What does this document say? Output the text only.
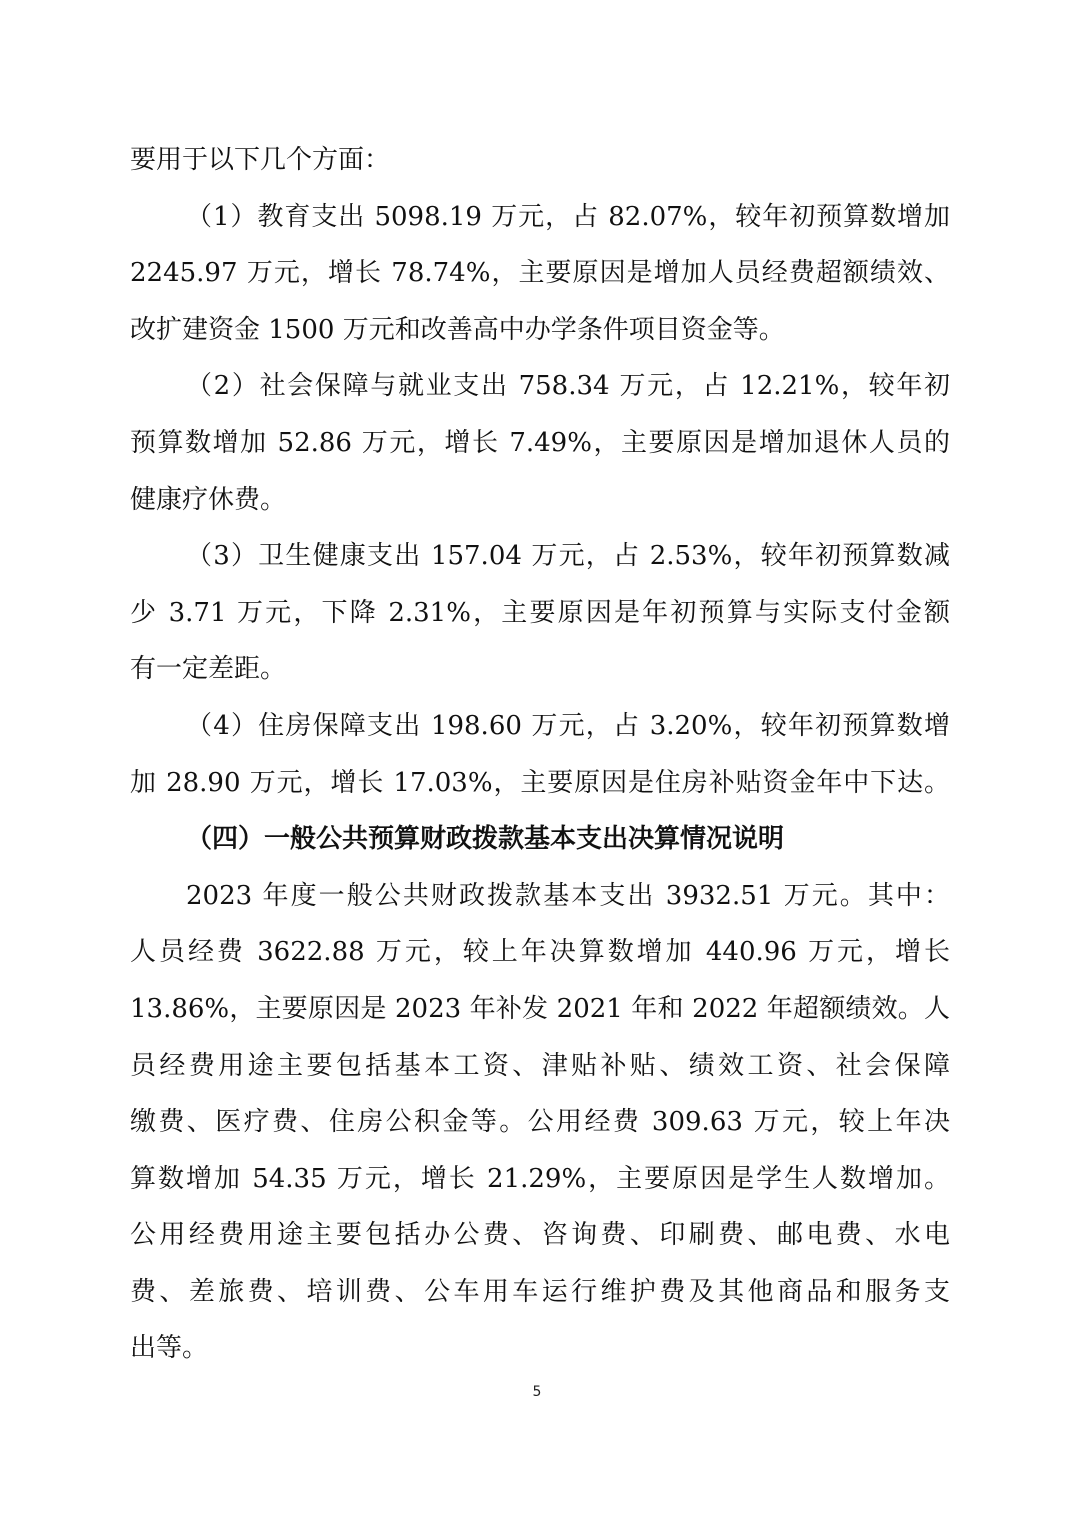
要用于以下几个方面：
（1）教育支出 5098.19 万元，占 82.07%，较年初预算数增加
2245.97 万元，增长 78.74%，主要原因是增加人员经费超额绩效、
改扩建资金 1500 万元和改善高中办学条件项目资金等。
（2）社会保障与就业支出 758.34 万元，占 12.21%，较年初
预算数增加 52.86 万元，增长 7.49%，主要原因是增加退休人员的
健康疗休费。
（3）卫生健康支出 157.04 万元，占 2.53%，较年初预算数减
少 3.71 万元，下降 2.31%，主要原因是年初预算与实际支付金额
有一定差距。
（4）住房保障支出 198.60 万元，占 3.20%，较年初预算数增
加 28.90 万元，增长 17.03%，主要原因是住房补贴资金年中下达。
（四）一般公共预算财政拨款基本支出决算情况说明
2023 年度一般公共财政拨款基本支出 3932.51 万元。其中：
人员经费 3622.88 万元，较上年决算数增加 440.96 万元，增长
13.86%，主要原因是 2023 年补发 2021 年和 2022 年超额绩效。人
员经费用途主要包括基本工资、津贴补贴、绩效工资、社会保障
缴费、医疗费、住房公积金等。公用经费 309.63 万元，较上年决
算数增加 54.35 万元，增长 21.29%，主要原因是学生人数增加。
公用经费用途主要包括办公费、咨询费、印刷费、邮电费、水电
费、差旅费、培训费、公车用车运行维护费及其他商品和服务支
出等。
5
